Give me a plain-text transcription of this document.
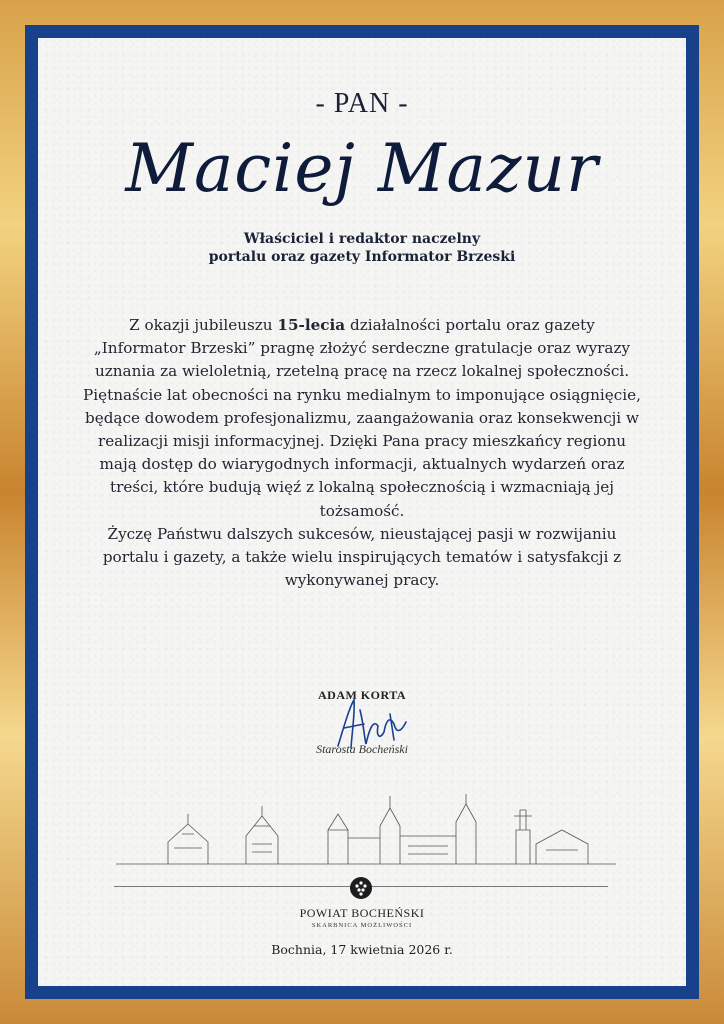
- PAN -
Maciej Mazur
Właściciel i redaktor naczelny
portalu oraz gazety Informator Brzeski

Z okazji jubileuszu 15-lecia działalności portalu oraz gazety „Informator Brzeski” pragnę złożyć serdeczne gratulacje oraz wyrazy uznania za wieloletnią, rzetelną pracę na rzecz lokalnej społeczności.

Piętnaście lat obecności na rynku medialnym to imponujące osiągnięcie, będące dowodem profesjonalizmu, zaangażowania oraz konsekwencji w realizacji misji informacyjnej. Dzięki Pana pracy mieszkańcy regionu mają dostęp do wiarygodnych informacji, aktualnych wydarzeń oraz treści, które budują więź z lokalną społecznością i wzmacniają jej tożsamość.

Życzę Państwu dalszych sukcesów, nieustającej pasji w rozwijaniu portalu i gazety, a także wielu inspirujących tematów i satysfakcji z wykonywanej pracy.

ADAM KORTA
Starosta Bocheński
POWIAT BOCHEŃSKI
SKARBNICA MOŻLIWOŚCI
Bochnia, 17 kwietnia 2026 r.
